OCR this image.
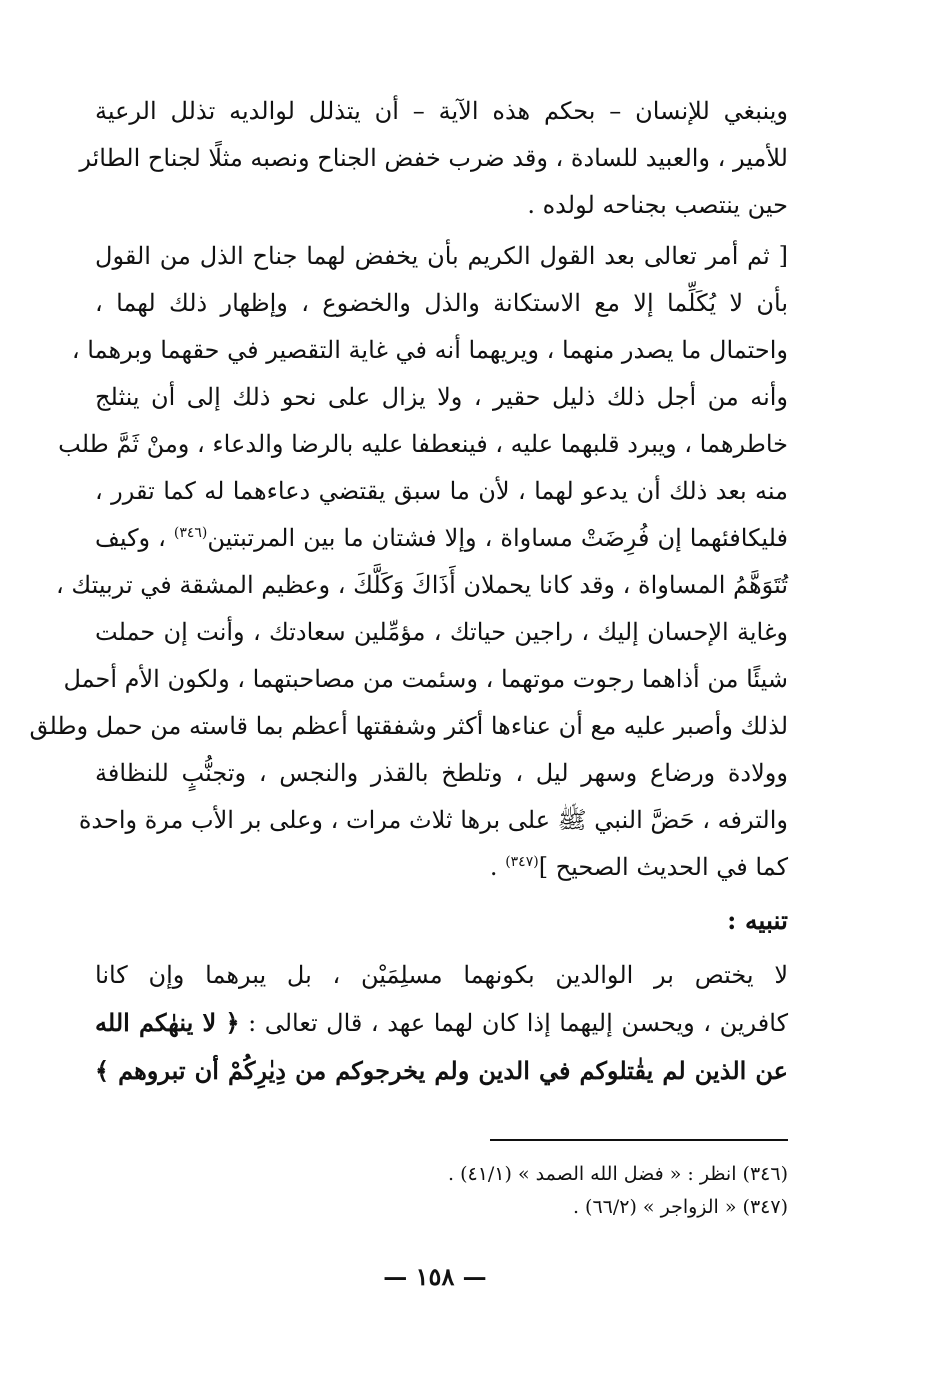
وينبغي للإنسان – بحكم هذه الآية – أن يتذلل لوالديه تذلل الرعية
للأمير ، والعبيد للسادة ، وقد ضرب خفض الجناح ونصبه مثلًا لجناح الطائر
حين ينتصب بجناحه لولده .
[ ثم أمر تعالى بعد القول الكريم بأن يخفض لهما جناح الذل من القول
بأن لا يُكَلِّما إلا مع الاستكانة والذل والخضوع ، وإظهار ذلك لهما ،
واحتمال ما يصدر منهما ، ويريهما أنه في غاية التقصير في حقهما وبرهما ،
وأنه من أجل ذلك ذليل حقير ، ولا يزال على نحو ذلك إلى أن ينثلج
خاطرهما ، ويبرد قلبهما عليه ، فينعطفا عليه بالرضا والدعاء ، ومنْ ثَمَّ طلب
منه بعد ذلك أن يدعو لهما ، لأن ما سبق يقتضي دعاءهما له كما تقرر ،
فليكافئهما إن فُرِضَتْ مساواة ، وإلا فشتان ما بين المرتبتين$^{(٣٤٦)}$ ، وكيف
تُتَوَهَّمُ المساواة ، وقد كانا يحملان أَذَاكَ وَكَلَّكَ ، وعظيم المشقة في تربيتك ،
وغاية الإحسان إليك ، راجين حياتك ، مؤمِّلين سعادتك ، وأنت إن حملت
شيئًا من أذاهما رجوت موتهما ، وسئمت من مصاحبتهما ، ولكون الأم أحمل
لذلك وأصبر عليه مع أن عناءها أكثر وشفقتها أعظم بما قاسته من حمل وطلق
وولادة ورضاع وسهر ليل ، وتلطخ بالقذر والنجس ، وتجنُّبٍ للنظافة
والترفه ، حَضَّ النبي ﷺ على برها ثلاث مرات ، وعلى بر الأب مرة واحدة
كما في الحديث الصحيح ]$^{(٣٤٧)}$ .
تنبيه :
لا يختص بر الوالدين بكونهما مسلِمَيْن ، بل يبرهما وإن كانا
كافرين ، ويحسن إليهما إذا كان لهما عهد ، قال تعالى : ﴿ لا ينهٰكم الله
عن الذين لم يقٰتلوكم في الدين ولم يخرجوكم من دِيٰرِكُمْ أن تبروهم ﴾
(٣٤٦) انظر : « فضل الله الصمد » (٤١/١) .
(٣٤٧) « الزواجر » (٦٦/٢) .
— ١٥٨ —
